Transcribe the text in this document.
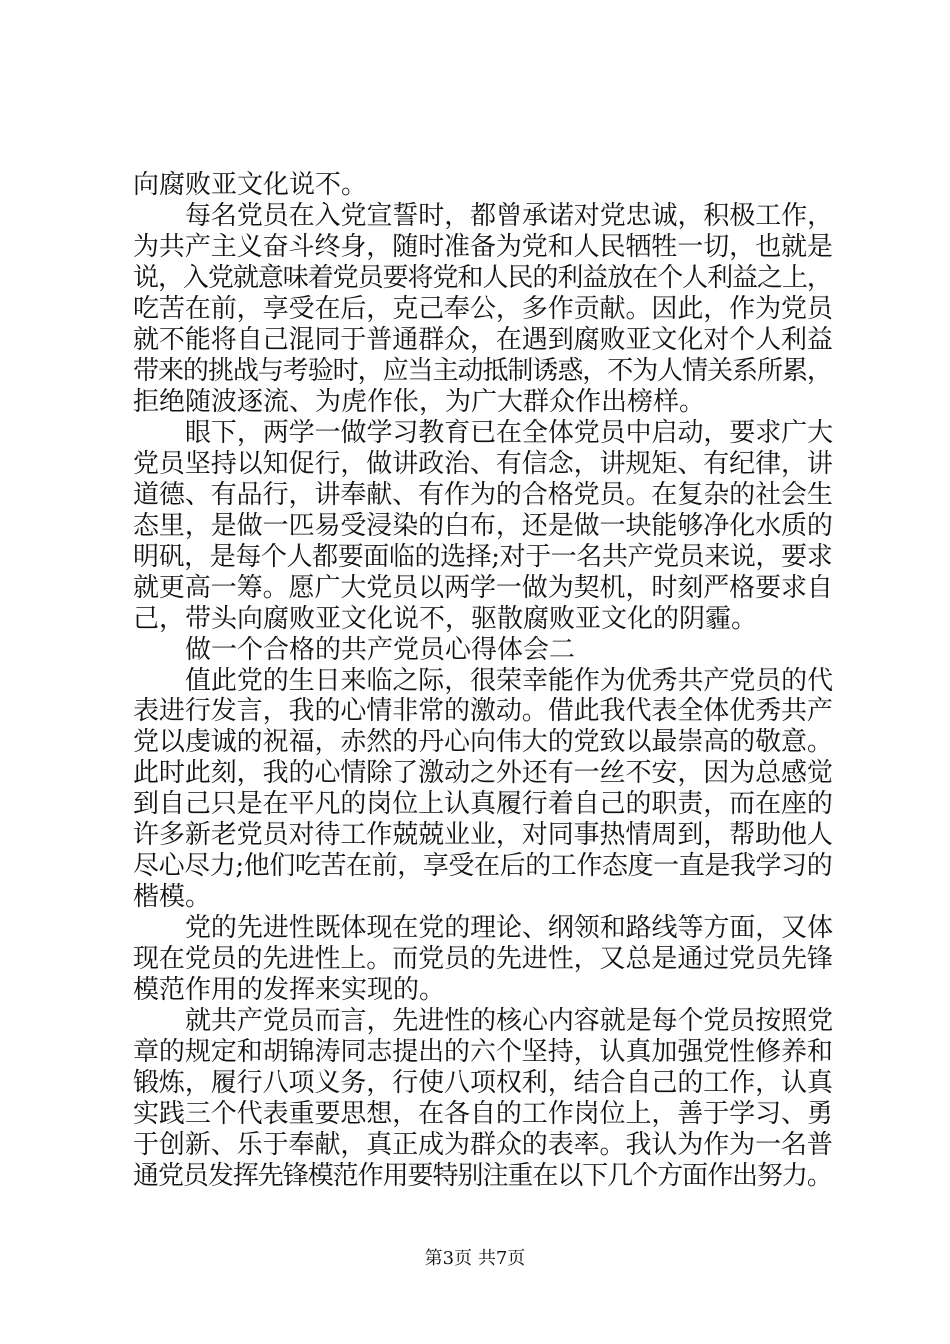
向腐败亚文化说不。
每名党员在入党宣誓时，都曾承诺对党忠诚，积极工作，
为共产主义奋斗终身，随时准备为党和人民牺牲一切，也就是
说，入党就意味着党员要将党和人民的利益放在个人利益之上，
吃苦在前，享受在后，克己奉公，多作贡献。因此，作为党员
就不能将自己混同于普通群众，在遇到腐败亚文化对个人利益
带来的挑战与考验时，应当主动抵制诱惑，不为人情关系所累，
拒绝随波逐流、为虎作伥，为广大群众作出榜样。
眼下，两学一做学习教育已在全体党员中启动，要求广大
党员坚持以知促行，做讲政治、有信念，讲规矩、有纪律，讲
道德、有品行，讲奉献、有作为的合格党员。在复杂的社会生
态里，是做一匹易受浸染的白布，还是做一块能够净化水质的
明矾，是每个人都要面临的选择;对于一名共产党员来说，要求
就更高一筹。愿广大党员以两学一做为契机，时刻严格要求自
己，带头向腐败亚文化说不，驱散腐败亚文化的阴霾。
做一个合格的共产党员心得体会二
值此党的生日来临之际，很荣幸能作为优秀共产党员的代
表进行发言，我的心情非常的激动。借此我代表全体优秀共产
党以虔诚的祝福，赤然的丹心向伟大的党致以最崇高的敬意。
此时此刻，我的心情除了激动之外还有一丝不安，因为总感觉
到自己只是在平凡的岗位上认真履行着自己的职责，而在座的
许多新老党员对待工作兢兢业业，对同事热情周到，帮助他人
尽心尽力;他们吃苦在前，享受在后的工作态度一直是我学习的
楷模。
党的先进性既体现在党的理论、纲领和路线等方面，又体
现在党员的先进性上。而党员的先进性，又总是通过党员先锋
模范作用的发挥来实现的。
就共产党员而言，先进性的核心内容就是每个党员按照党
章的规定和胡锦涛同志提出的六个坚持，认真加强党性修养和
锻炼，履行八项义务，行使八项权利，结合自己的工作，认真
实践三个代表重要思想，在各自的工作岗位上，善于学习、勇
于创新、乐于奉献，真正成为群众的表率。我认为作为一名普
通党员发挥先锋模范作用要特别注重在以下几个方面作出努力。
第3页 共7页
